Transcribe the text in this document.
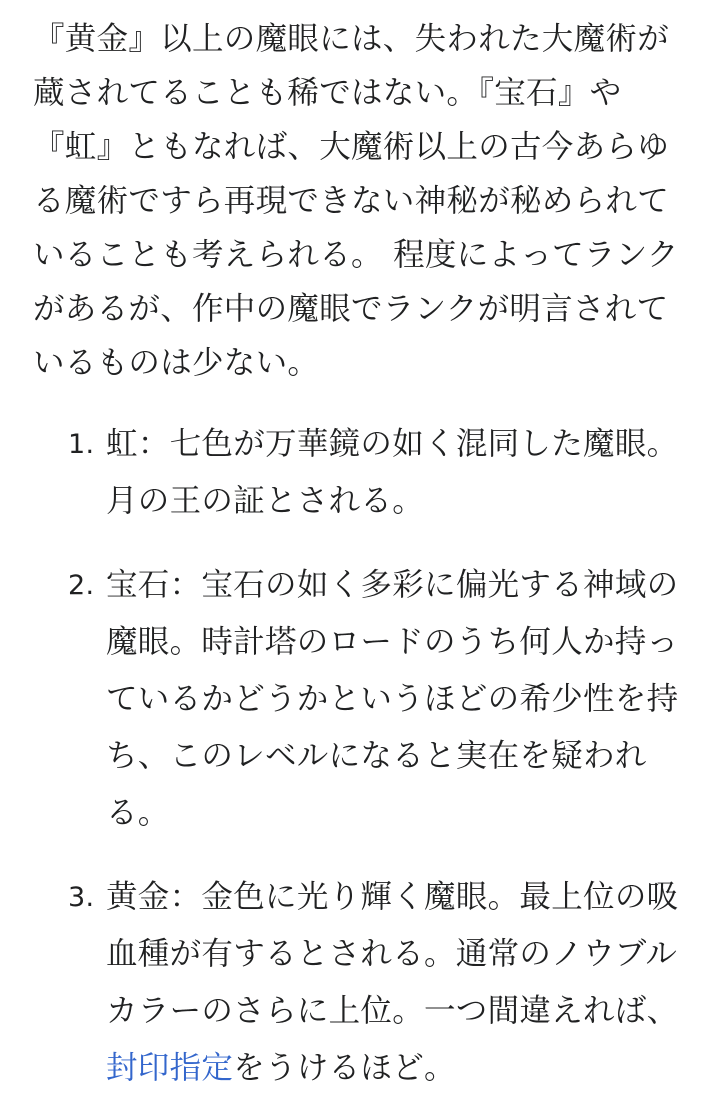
『黄金』以上の魔眼には、失われた大魔術が蔵されてることも稀ではない。『宝石』や『虹』ともなれば、大魔術以上の古今あらゆる魔術ですら再現できない神秘が秘められていることも考えられる。 程度によってランクがあるが、作中の魔眼でランクが明言されているものは少ない。

1. 虹：七色が万華鏡の如く混同した魔眼。月の王の証とされる。
2. 宝石：宝石の如く多彩に偏光する神域の魔眼。時計塔のロードのうち何人か持っているかどうかというほどの希少性を持ち、このレベルになると実在を疑われる。
3. 黄金：金色に光り輝く魔眼。最上位の吸血種が有するとされる。通常のノウブルカラーのさらに上位。一つ間違えれば、封印指定をうけるほど。
